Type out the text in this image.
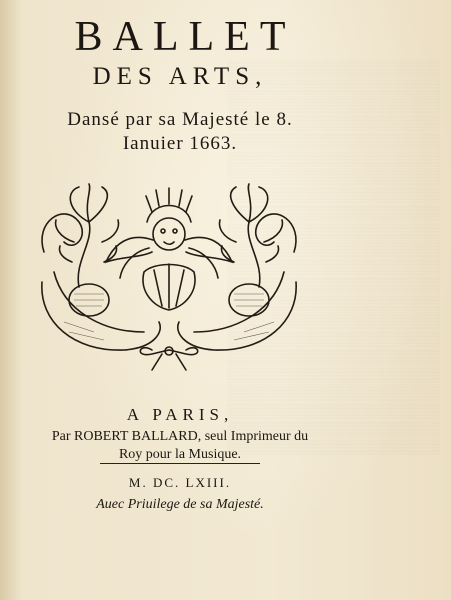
▒▒▒▒▒▒▒▒▒▒▒▒▒▒▒▒▒▒▒▒
▒▒▒▒▒▒▒▒▒▒▒▒▒▒▒▒▒▒▒▒
▒▒▒▒▒▒▒▒▒▒▒▒▒▒▒▒▒▒▒▒
▒▒▒▒▒▒▒▒▒▒▒▒▒▒▒▒▒▒▒▒
▒▒▒▒▒▒▒▒▒▒▒▒▒▒▒▒▒▒▒▒
▒▒▒▒▒▒▒▒▒▒▒▒▒▒▒▒▒▒▒▒
▒▒▒▒▒▒▒▒▒▒▒▒▒▒▒▒▒▒▒▒
▒▒▒▒▒▒▒▒▒▒▒▒▒▒▒▒▒▒▒▒
▒▒▒▒▒▒▒▒▒▒▒▒▒▒▒▒▒▒▒▒
▒▒▒▒▒▒▒▒▒▒▒▒▒▒▒▒▒▒▒▒
▒▒▒▒▒▒▒▒▒▒▒▒▒▒▒▒▒▒▒▒
▒▒▒▒▒▒▒▒▒▒▒▒▒▒▒▒▒▒▒▒
▒▒▒▒▒▒▒▒▒▒▒▒▒▒▒▒▒▒▒▒
▒▒▒▒▒▒▒▒▒▒▒▒▒▒▒▒▒▒▒▒
▒▒▒▒▒▒▒▒▒▒▒▒▒▒▒▒▒▒▒▒
▒▒▒▒▒▒▒▒▒▒▒▒▒▒▒▒▒▒▒▒
▒▒▒▒▒▒▒▒▒▒▒▒▒▒▒▒▒▒▒▒
▒▒▒▒▒▒▒▒▒▒▒▒▒▒▒▒▒▒▒▒
▒▒▒▒▒▒▒▒▒▒▒▒▒▒▒▒▒▒▒▒
▒▒▒▒▒▒▒▒▒▒▒▒▒▒▒▒▒▒▒▒
▒▒▒▒▒▒▒▒▒▒▒▒▒▒▒▒▒▒▒▒
▒▒▒▒▒▒▒▒▒▒▒▒▒▒▒▒▒▒▒▒
BALLET
DES ARTS,
Dansé par sa Majesté le 8.
Ianuier 1663.
A PARIS,
Par ROBERT BALLARD, seul Imprimeur du
Roy pour la Musique.
M. DC. LXIII.
Auec Priuilege de sa Majesté.
